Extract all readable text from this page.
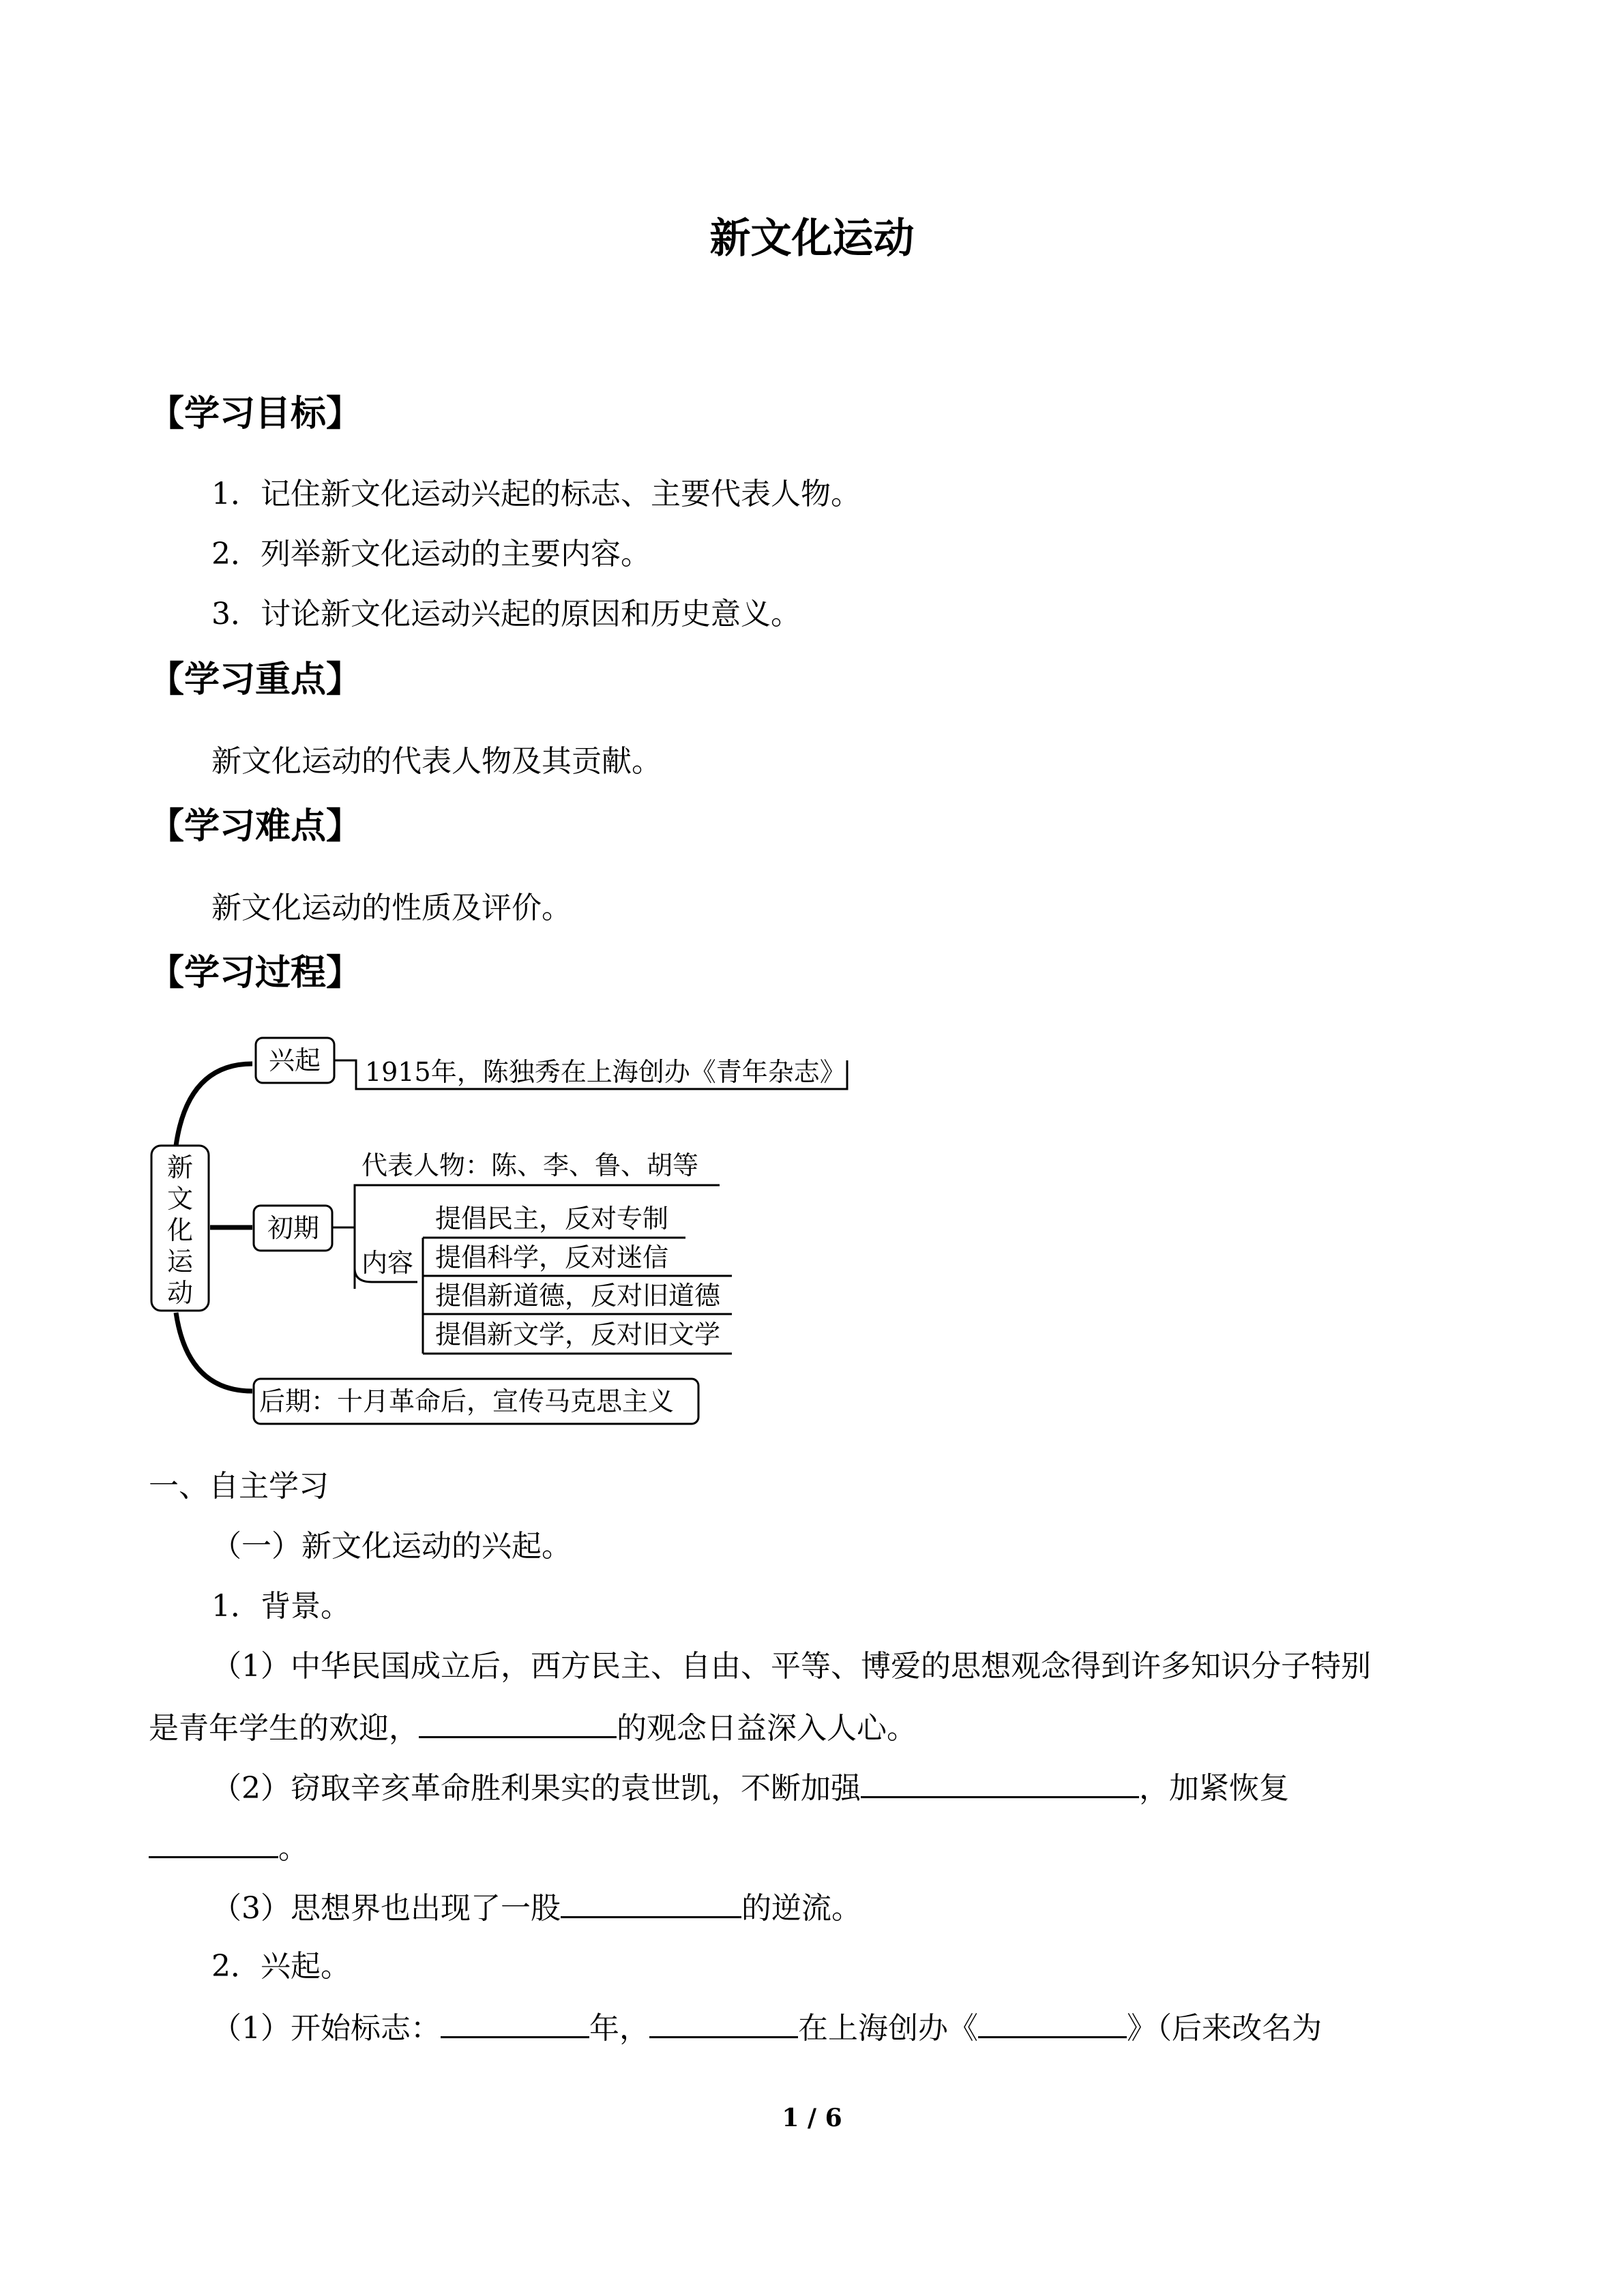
新文化运动
【学习目标】
1．记住新文化运动兴起的标志、主要代表人物。
2．列举新文化运动的主要内容。
3．讨论新文化运动兴起的原因和历史意义。
【学习重点】
新文化运动的代表人物及其贡献。
【学习难点】
新文化运动的性质及评价。
【学习过程】
新
文
化
运
动
兴起 1915年，陈独秀在上海创办《青年杂志》
初期
代表人物：陈、李、鲁、胡等
内容
提倡民主，反对专制
提倡科学，反对迷信
提倡新道德，反对旧道德
提倡新文学，反对旧文学
后期：十月革命后，宣传马克思主义
一、自主学习
（一）新文化运动的兴起。
1．背景。
（1）中华民国成立后，西方民主、自由、平等、博爱的思想观念得到许多知识分子特别
是青年学生的欢迎，	的观念日益深入人心。
（2）窃取辛亥革命胜利果实的袁世凯，不断加强	，加紧恢复
。
（3）思想界也出现了一股	的逆流。
2．兴起。
（1）开始标志：	年，	在上海创办《	》（后来改名为
1 / 6
